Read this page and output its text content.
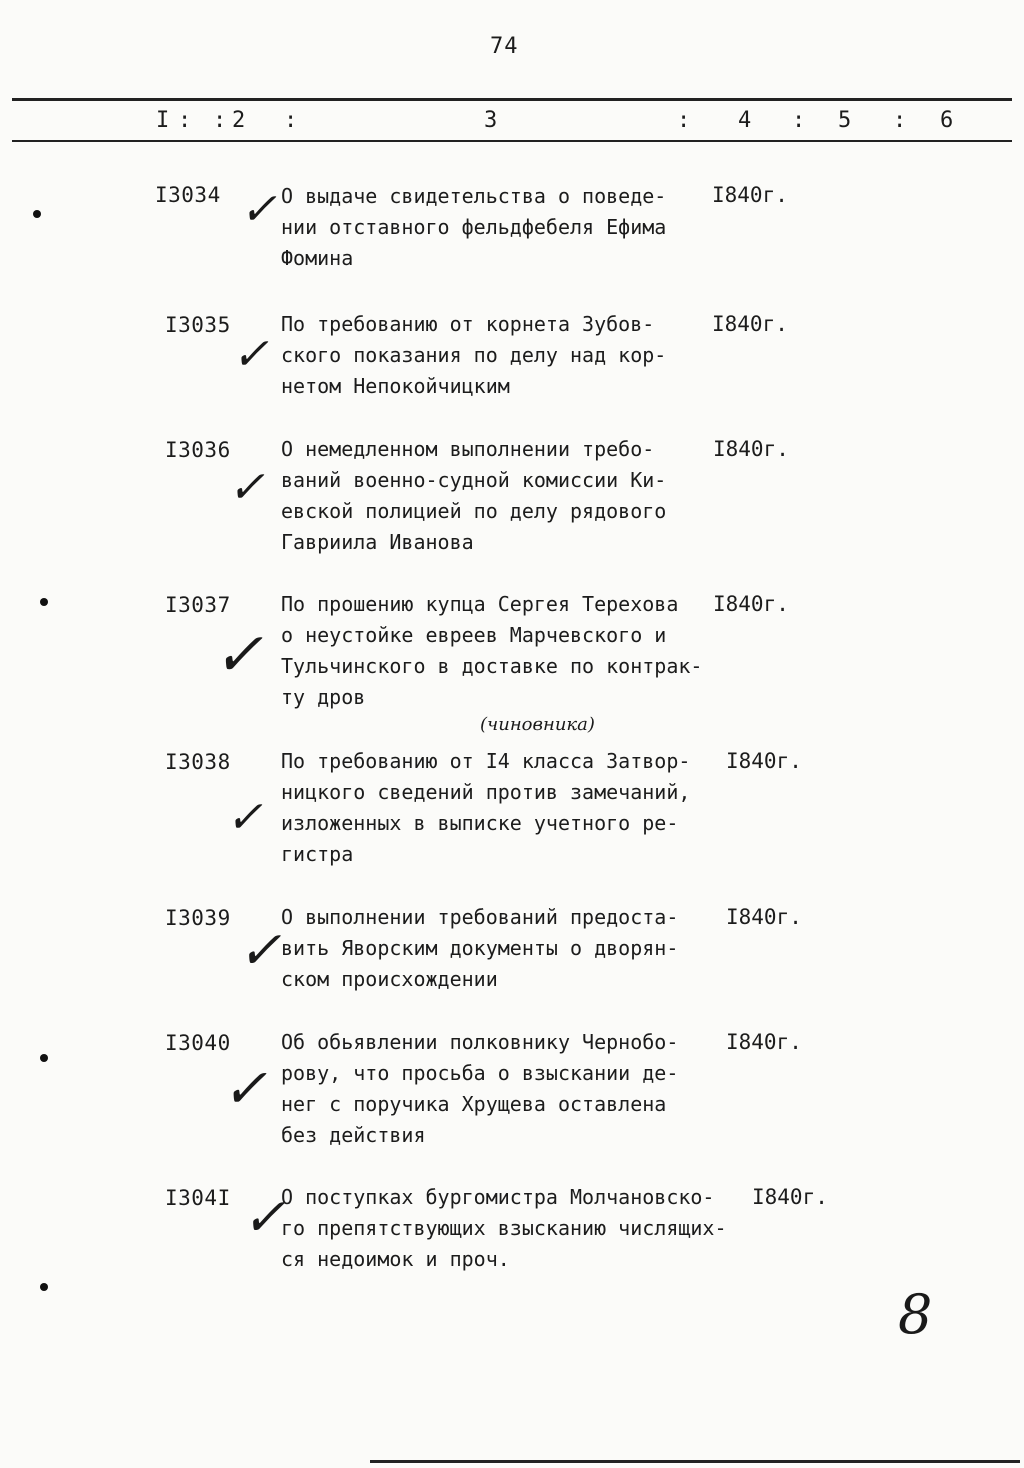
74
I : : 2 :	3	: 4 : 5 : 6
I3034 ✓ О выдаче свидетельства о поведе-
нии отставного фельдфебеля Ефима
Фомина
I840г.
I3035
✓
По требованию от корнета Зубов-
ского показания по делу над кор-
нетом Непокойчицким
I840г.
I3036
✓
О немедленном выполнении требо-
ваний военно-судной комиссии Ки-
евской полицией по делу рядового
Гавриила Иванова
I840г.
I3037
✓
По прошению купца Сергея Терехова
о неустойке евреев Марчевского и
Тульчинского в доставке по контрак-
ту дров
I840г.
(чиновника)
I3038
✓
По требованию от I4 класса Затвор-
ницкого сведений против замечаний,
изложенных в выписке учетного ре-
гистра
I840г.
I3039
✓
О выполнении требований предоста-
вить Яворским документы о дворян-
ском происхождении
I840г.
I3040
✓
Об обьявлении полковнику Чернобо-
рову, что просьба о взыскании де-
нег с поручика Хрущева оставлена
без действия
I840г.
I304I ✓
О поступках бургомистра Молчановско-
го препятствующих взысканию числящих-
ся недоимок и проч.
I840г.
8
